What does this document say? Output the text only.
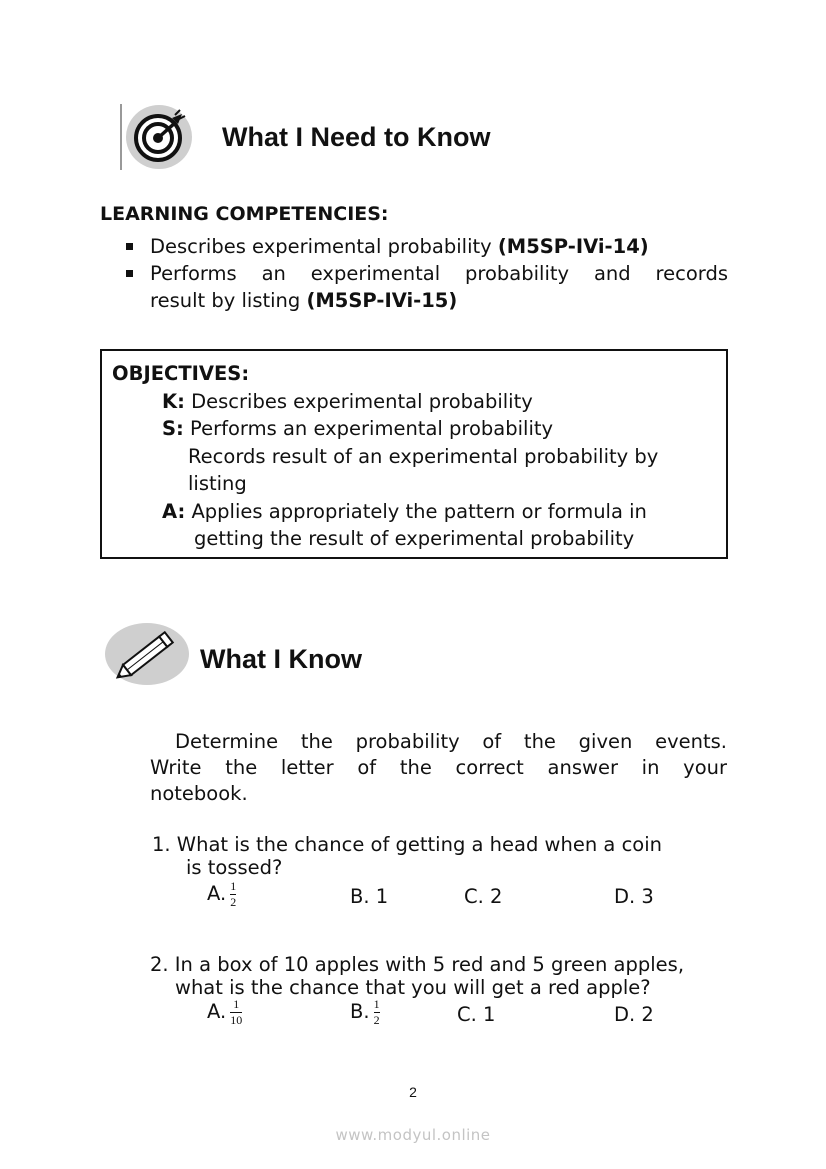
What I Need to Know
LEARNING COMPETENCIES:
Describes experimental probability (M5SP-IVi-14)
Performs an experimental probability and records
result by listing (M5SP-IVi-15)
OBJECTIVES:
K: Describes experimental probability
S: Performs an experimental probability
Records result of an experimental probability by
listing
A: Applies appropriately the pattern or formula in
getting the result of experimental probability
What I Know
Determine the probability of the given events.
Write the letter of the correct answer in your
notebook.
1. What is the chance of getting a head when a coin
is tossed?
A. $\frac{1}{2}$	B. 1	C. 2	D. 3
2. In a box of 10 apples with 5 red and 5 green apples,
what is the chance that you will get a red apple?
A. $\frac{1}{10}$	B. $\frac{1}{2}$	C. 1	D. 2
2
www.modyul.online
